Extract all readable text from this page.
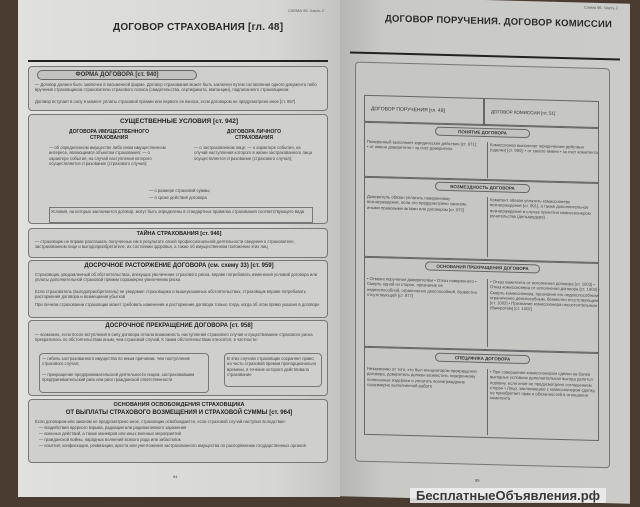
СХЕМА 95. Часть 2
ДОГОВОР СТРАХОВАНИЯ [гл. 48]
ФОРМА ДОГОВОРА [ст. 940]
— Договор должен быть заключен в письменной форме. Договор страхования может быть заключен путем составления одного документа либо вручения страховщиком страхователю страхового полиса (свидетельства, сертификата, квитанции), подписанного страховщиком
Договор вступает в силу в момент уплаты страховой премии или первого ее взноса, если договором не предусмотрено иное [ст. 957]
СУЩЕСТВЕННЫЕ УСЛОВИЯ [ст. 942]
ДОГОВОРА ИМУЩЕСТВЕННОГО СТРАХОВАНИЯ
ДОГОВОРА ЛИЧНОГО СТРАХОВАНИЯ
— об определенном имуществе либо ином имущественном интересе, являющемся объектом страхования; — о характере события, на случай наступления которого осуществляется страхование (страхового случая);
— о застрахованном лице; — о характере события, на случай наступления которого в жизни застрахованного лица осуществляется страхование (страхового случая);
— о размере страховой суммы;
— о сроке действия договора
Условия, на которых заключается договор, могут быть определены в стандартных правилах страхования соответствующего вида
ТАЙНА СТРАХОВАНИЯ [ст. 946]
— страховщик не вправе разглашать полученные им в результате своей профессиональной деятельности сведения о страхователе, застрахованном лице и выгодоприобретателе, их состоянии здоровья, а также об имущественном положении этих лиц
ДОСРОЧНОЕ РАСТОРЖЕНИЕ ДОГОВОРА (см. схему 33) [ст. 959]
Страховщик, уведомленный об обстоятельствах, влекущих увеличение страхового риска, вправе потребовать изменения условий договора или уплаты дополнительной страховой премии соразмерно увеличению риска
Если страхователь (выгодоприобретатель) не уведомил страховщика о вышеуказанных обстоятельствах, страховщик вправе потребовать расторжения договора и возмещения убытков
При личном страховании страховщик может требовать изменения и расторжения договора только тогда, когда об этом прямо указано в договоре
ДОСРОЧНОЕ ПРЕКРАЩЕНИЕ ДОГОВОРА [ст. 958]
— возможно, если после вступления в силу договора отпала возможность наступления страхового случая и существование страхового риска прекратилось по обстоятельствам иным, чем страховой случай. К таким обстоятельствам относятся, в частности:
— гибель застрахованного имущества по иным причинам, чем наступление страхового случая;
— прекращение предпринимательской деятельности лицом, застраховавшим предпринимательский риск или риск гражданской ответственности
В этих случаях страховщик сохраняет право на часть страховой премии пропорционально времени, в течение которого действовало страхование
ОСНОВАНИЯ ОСВОБОЖДЕНИЯ СТРАХОВЩИКА
ОТ ВЫПЛАТЫ СТРАХОВОГО ВОЗМЕЩЕНИЯ И СТРАХОВОЙ СУММЫ [ст. 964]
Если договором или законом не предусмотрено иное, страховщик освобождается, если страховой случай наступил вследствие:
— воздействия ядерного взрыва, радиации или радиоактивного заражения
— военных действий, а также маневров или иных военных мероприятий
— гражданской войны, народных волнений всякого рода или забастовок
— изъятия, конфискации, реквизиции, ареста или уничтожения застрахованного имущества по распоряжению государственных органов
94
Схема 96. Часть 2
ДОГОВОР ПОРУЧЕНИЯ. ДОГОВОР КОМИССИИ
ДОГОВОР ПОРУЧЕНИЯ [гл. 49]	ДОГОВОР КОМИССИИ [гл. 51]
ПОНЯТИЕ ДОГОВОРА
Поверенный выполняет юридические действия [ст. 971]: • от имени доверителя • за счет доверителя	Комиссионер выполняет юридические действия (сделки) [ст. 990]: • от своего имени • за счет комитента
ВОЗМЕЗДНОСТЬ ДОГОВОРА
Доверитель обязан уплатить поверенному вознаграждение, если это предусмотрено законом, иными правовыми актами или договором [ст. 972]
Комитент обязан уплатить комиссионеру вознаграждение [ст. 991], а также дополнительное вознаграждение в случае принятия комиссионером ручательства (делькредере)
ОСНОВАНИЯ ПРЕКРАЩЕНИЯ ДОГОВОРА
• Отмена поручения доверителем • Отказ поверенного • Смерть одной из сторон, признание ее недееспособной, ограниченно дееспособной, безвестно отсутствующей [ст. 977]
• Отказ комитента от исполнения договора [ст. 1003] • Отказ комиссионера от исполнения договора [ст. 1004] • Смерть комиссионера, признание его недееспособным, ограниченно дееспособным, безвестно отсутствующим [ст. 1002] • Признание комиссионера несостоятельным (банкротом) [ст. 1002]
СПЕЦИФИКА ДОГОВОРА
Независимо от того, кто был инициатором прекращения договора, доверитель должен возместить поверенному понесенные издержки и уплатить вознаграждение соразмерно выполненной работе
• При совершении комиссионером сделки на более выгодных условиях дополнительная выгода делится поровну, если иное не предусмотрено соглашением сторон • Лицо, заключившее с комиссионером сделку, не приобретает прав и обязанностей в отношении комитента
95
БесплатныеОбъявления.рф
